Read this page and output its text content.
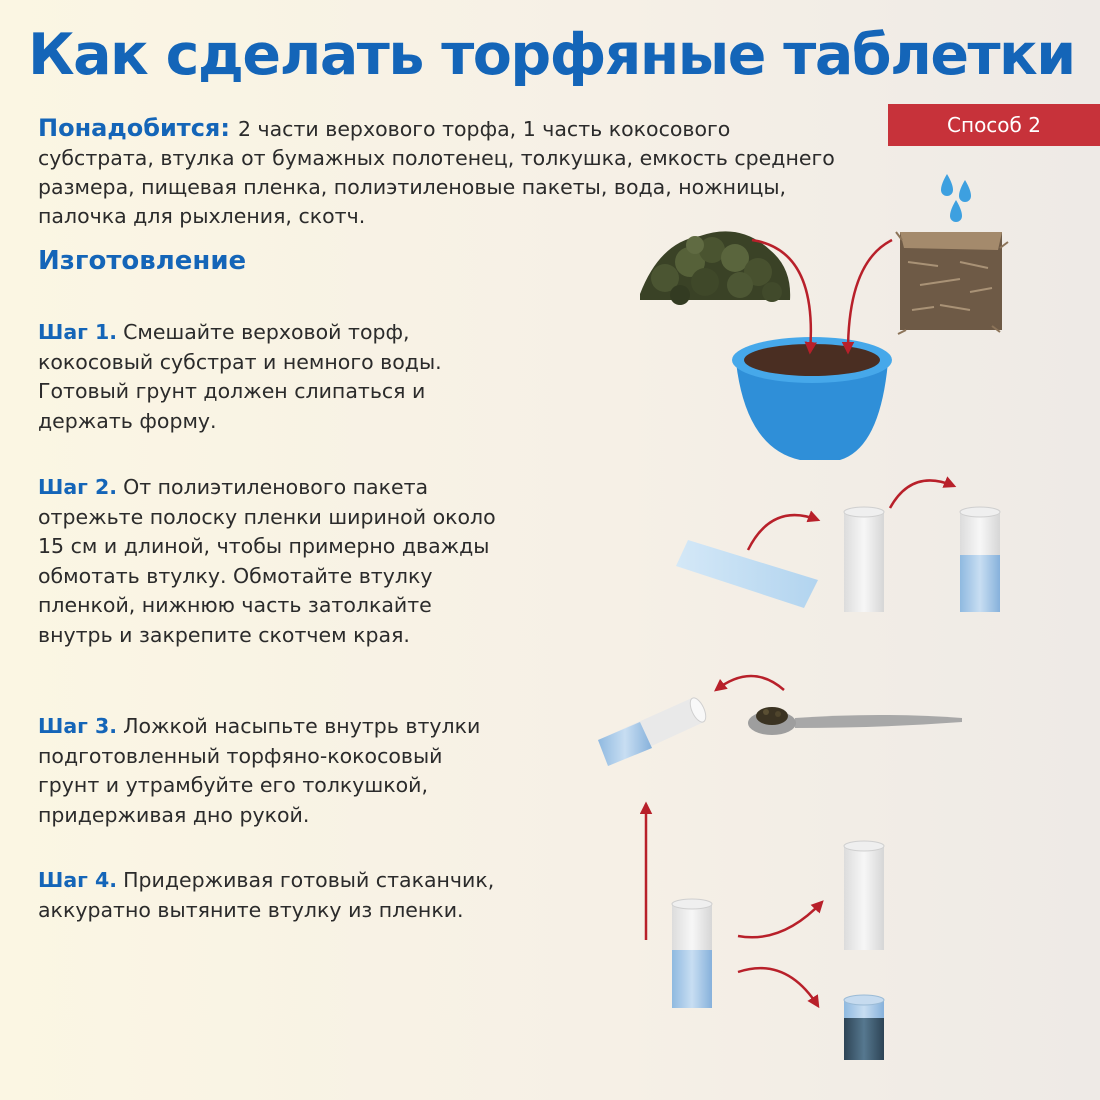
Как сделать торфяные таблетки
Способ 2

Понадобится: 2 части верхового торфа, 1 часть кокосового субстрата, втулка от бумажных полотенец, толкушка, емкость среднего размера, пищевая пленка, полиэтиленовые пакеты, вода, ножницы, палочка для рыхления, скотч.

Изготовление

Шаг 1. Смешайте верховой торф, кокосовый субстрат и немного воды. Готовый грунт должен слипаться и держать форму.

Шаг 2. От полиэтиленового пакета отрежьте полоску пленки шириной около 15 см и длиной, чтобы примерно дважды обмотать втулку. Обмотайте втулку пленкой, нижнюю часть затолкайте внутрь и закрепите скотчем края.

Шаг 3. Ложкой насыпьте внутрь втулки подготовленный торфяно-кокосовый грунт и утрамбуйте его толкушкой, придерживая дно рукой.

Шаг 4. Придерживая готовый стаканчик, аккуратно вытяните втулку из пленки.
